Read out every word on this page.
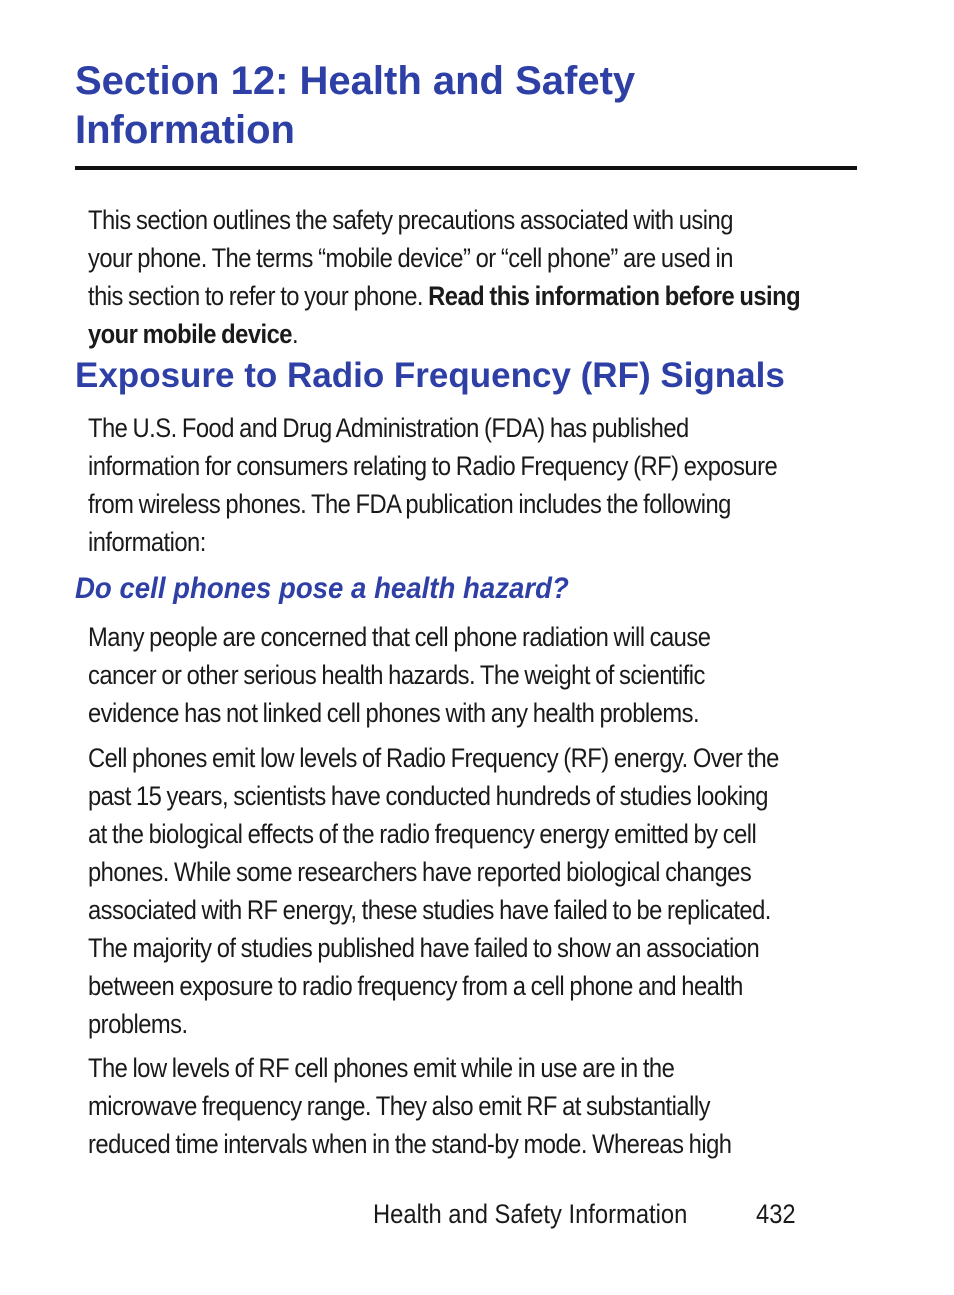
Section 12: Health and Safety
Information

This section outlines the safety precautions associated with using
your phone. The terms “mobile device” or “cell phone” are used in
this section to refer to your phone. Read this information before using
your mobile device.

Exposure to Radio Frequency (RF) Signals

The U.S. Food and Drug Administration (FDA) has published
information for consumers relating to Radio Frequency (RF) exposure
from wireless phones. The FDA publication includes the following
information:

Do cell phones pose a health hazard?

Many people are concerned that cell phone radiation will cause
cancer or other serious health hazards. The weight of scientific
evidence has not linked cell phones with any health problems.

Cell phones emit low levels of Radio Frequency (RF) energy. Over the
past 15 years, scientists have conducted hundreds of studies looking
at the biological effects of the radio frequency energy emitted by cell
phones. While some researchers have reported biological changes
associated with RF energy, these studies have failed to be replicated.
The majority of studies published have failed to show an association
between exposure to radio frequency from a cell phone and health
problems.

The low levels of RF cell phones emit while in use are in the
microwave frequency range. They also emit RF at substantially
reduced time intervals when in the stand-by mode. Whereas high

Health and Safety Information	432
